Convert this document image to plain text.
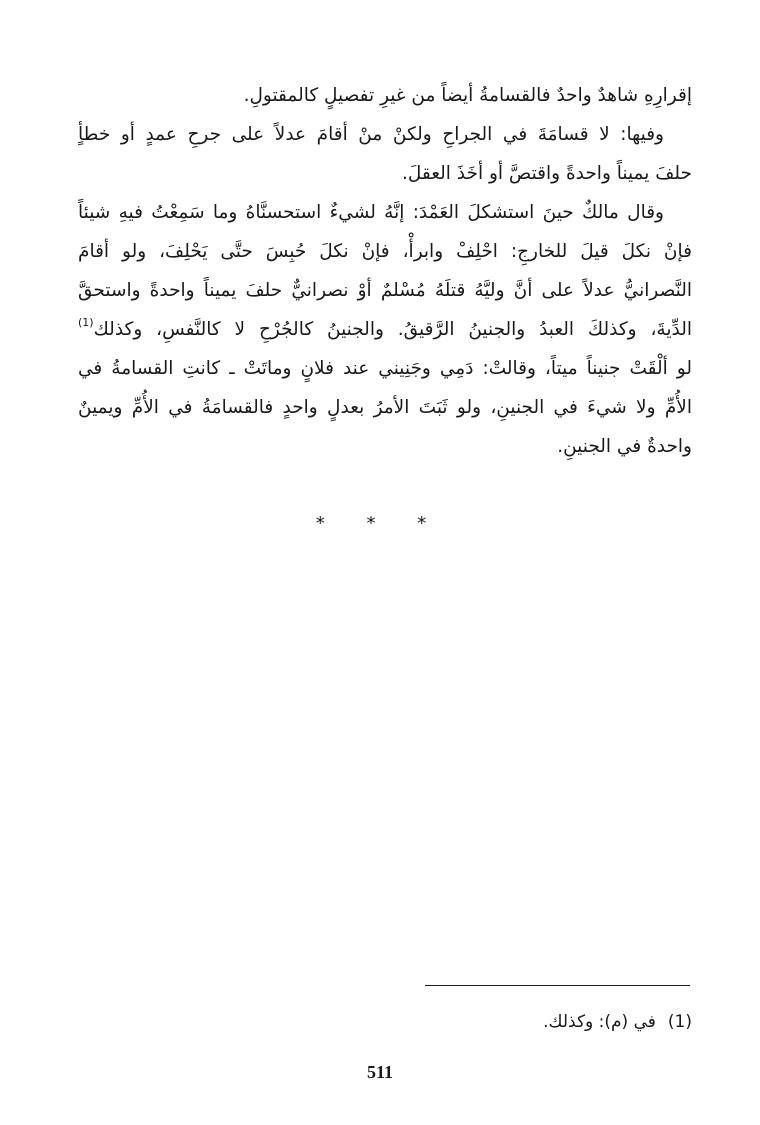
إقرارِهِ شاهدٌ واحدٌ فالقسامةُ أيضاً من غيرِ تفصيلٍ كالمقتولِ.
وفيها: لا قسامَةَ في الجراحِ ولكنْ منْ أقامَ عدلاً على جرحِ عمدٍ أو خطأٍ
حلفَ يميناً واحدةً واقتصَّ أو أخَذَ العقلَ.
وقال مالكٌ حينَ استشكلَ العَمْدَ: إنَّهُ لشيءٌ استحسنَّاهُ وما سَمِعْتُ فيهِ شيئاً
فإنْ نكلَ قيلَ للخارجِ: احْلِفْ وابرأْ، فإنْ نكلَ حُبِسَ حتَّى يَحْلِفَ، ولو أقامَ
النَّصرانيُّ عدلاً على أنَّ وليَّهُ قتلَهُ مُسْلمٌ أوْ نصرانيٌّ حلفَ يميناً واحدةً واستحقَّ
الدِّيةَ، وكذلكَ العبدُ والجنينُ الرَّقيقُ. والجنينُ كالجُرْحِ لا كالنَّفسِ، وكذلك$^{(1)}$
لو ألْقَتْ جنيناً ميتاً، وقالتْ: دَمِي وجَنِيني عند فلانٍ وماتَتْ ـ كانتِ القسامةُ في
الأُمِّ ولا شيءَ في الجنينِ، ولو ثَبَتَ الأمرُ بعدلٍ واحدٍ فالقسامَةُ في الأُمِّ ويمينٌ
واحدةٌ في الجنينِ.
* * *
(1)في (م): وكذلك.
511
